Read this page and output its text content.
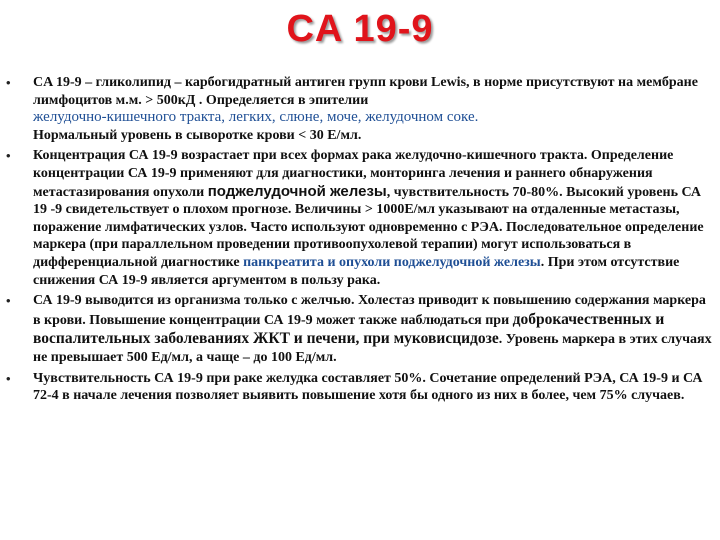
CA 19-9
•	CA 19-9 – гликолипид – карбогидратный антиген групп крови Lewis, в норме присутствуют на мембране лимфоцитов м.м. > 500кД . Определяется в эпителии
желудочно-кишечного тракта, легких, слюне, моче, желудочном соке.
Нормальный уровень в сыворотке крови < 30 Е/мл.

•	Концентрация СА 19-9 возрастает при всех формах рака желудочно-кишечного тракта. Определение концентрации СА 19-9 применяют для диагностики, монторинга лечения и раннего обнаружения метастазирования опухоли поджелудочной железы, чувствительность 70-80%. Высокий уровень СА 19 -9 свидетельствует о плохом прогнозе. Величины > 1000Е/мл указывают на отдаленные метастазы, поражение лимфатических узлов. Часто используют одновременно с РЭА. Последовательное определение маркера (при параллельном проведении противоопухолевой терапии) могут использоваться в дифференциальной диагностике панкреатита и опухоли поджелудочной железы. При этом отсутствие снижения СА 19-9 является аргументом в пользу рака.

•	СА 19-9 выводится из организма только с желчью. Холестаз приводит к повышению содержания маркера в крови. Повышение концентрации СА 19-9 может также наблюдаться при доброкачественных и воспалительных заболеваниях ЖКТ и печени, при муковисцидозе. Уровень маркера в этих случаях не превышает 500 Ед/мл, а чаще – до 100 Ед/мл.

•	Чувствительность СА 19-9 при раке желудка составляет 50%. Сочетание определений РЭА, СА 19-9 и СА 72-4 в начале лечения позволяет выявить повышение хотя бы одного из них в более, чем 75% случаев.
